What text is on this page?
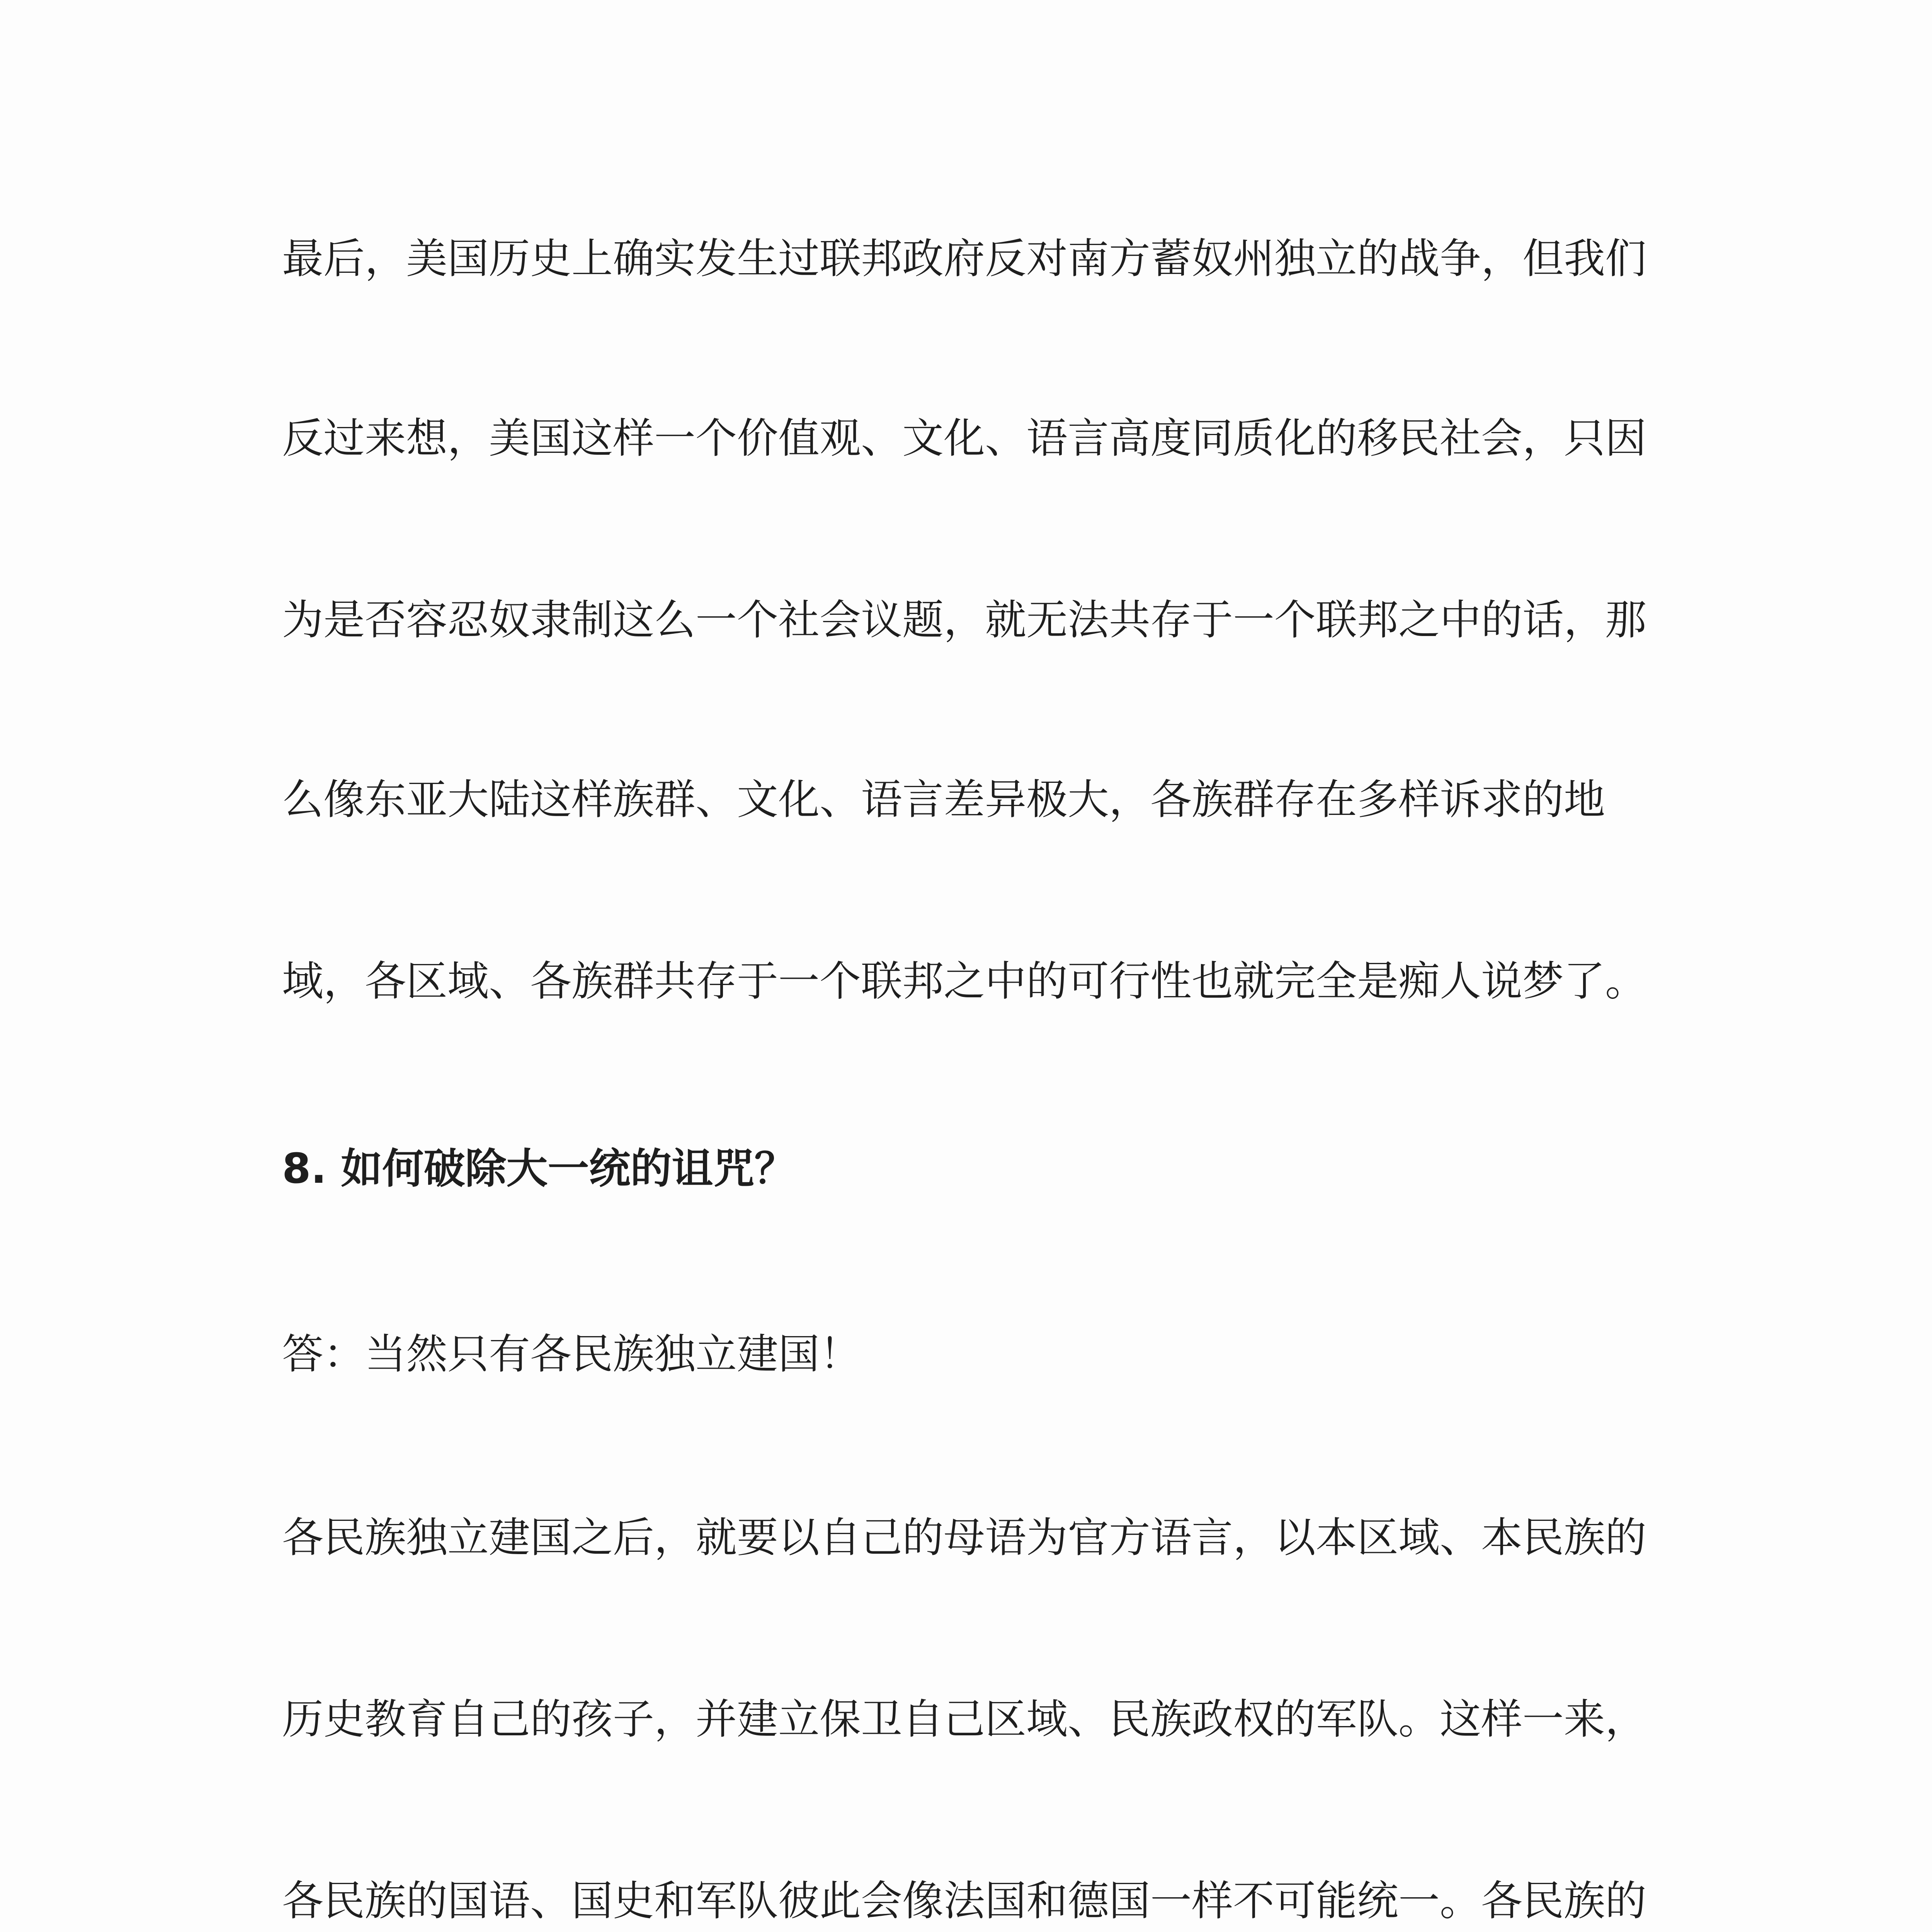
最后，美国历史上确实发生过联邦政府反对南方蓄奴州独立的战争，但我们
反过来想，美国这样一个价值观、文化、语言高度同质化的移民社会，只因
为是否容忍奴隶制这么一个社会议题，就无法共存于一个联邦之中的话，那
么像东亚大陆这样族群、文化、语言差异极大，各族群存在多样诉求的地
域，各区域、各族群共存于一个联邦之中的可行性也就完全是痴人说梦了。
8. 如何破除大一统的诅咒？
答：当然只有各民族独立建国！
各民族独立建国之后，就要以自己的母语为官方语言，以本区域、本民族的
历史教育自己的孩子，并建立保卫自己区域、民族政权的军队。这样一来，
各民族的国语、国史和军队彼此会像法国和德国一样不可能统一。各民族的
